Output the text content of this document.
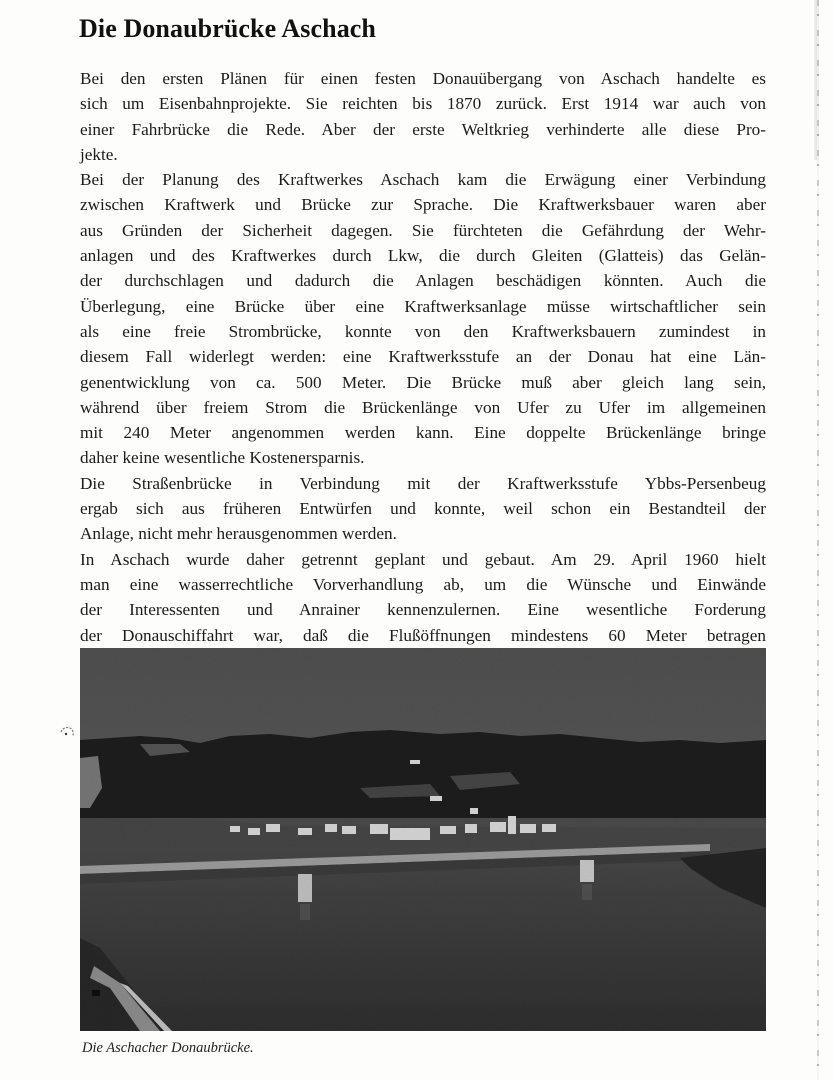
Die Donaubrücke Aschach

Bei den ersten Plänen für einen festen Donauübergang von Aschach handelte es
sich um Eisenbahnprojekte. Sie reichten bis 1870 zurück. Erst 1914 war auch von
einer Fahrbrücke die Rede. Aber der erste Weltkrieg verhinderte alle diese Pro-
jekte.

Bei der Planung des Kraftwerkes Aschach kam die Erwägung einer Verbindung
zwischen Kraftwerk und Brücke zur Sprache. Die Kraftwerksbauer waren aber
aus Gründen der Sicherheit dagegen. Sie fürchteten die Gefährdung der Wehr-
anlagen und des Kraftwerkes durch Lkw, die durch Gleiten (Glatteis) das Gelän-
der durchschlagen und dadurch die Anlagen beschädigen könnten. Auch die
Überlegung, eine Brücke über eine Kraftwerksanlage müsse wirtschaftlicher sein
als eine freie Strombrücke, konnte von den Kraftwerksbauern zumindest in
diesem Fall widerlegt werden: eine Kraftwerksstufe an der Donau hat eine Län-
genentwicklung von ca. 500 Meter. Die Brücke muß aber gleich lang sein,
während über freiem Strom die Brückenlänge von Ufer zu Ufer im allgemeinen
mit 240 Meter angenommen werden kann. Eine doppelte Brückenlänge bringe
daher keine wesentliche Kostenersparnis.

Die Straßenbrücke in Verbindung mit der Kraftwerksstufe Ybbs-Persenbeug
ergab sich aus früheren Entwürfen und konnte, weil schon ein Bestandteil der
Anlage, nicht mehr herausgenommen werden.

In Aschach wurde daher getrennt geplant und gebaut. Am 29. April 1960 hielt
man eine wasserrechtliche Vorverhandlung ab, um die Wünsche und Einwände
der Interessenten und Anrainer kennenzulernen. Eine wesentliche Forderung
der Donauschiffahrt war, daß die Flußöffnungen mindestens 60 Meter betragen

Die Aschacher Donaubrücke.
